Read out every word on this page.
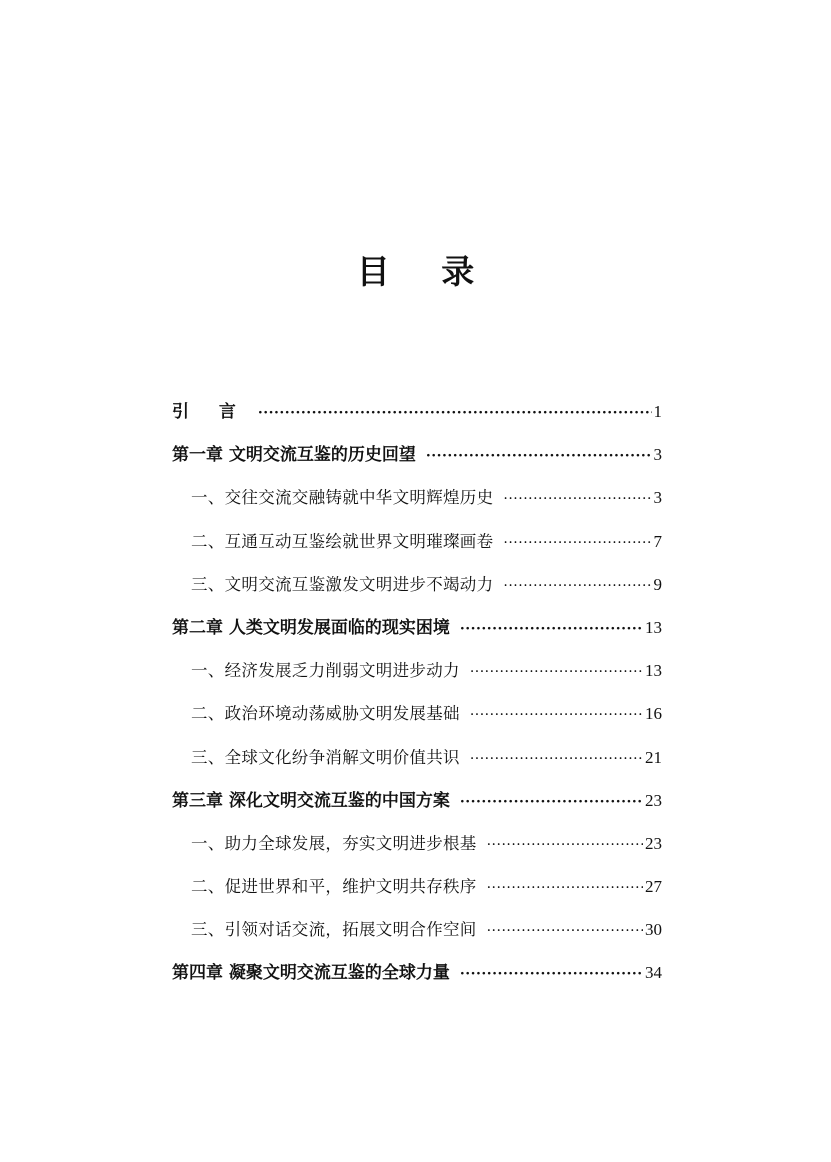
目 录
引 言 ·····	1
第一章 文明交流互鉴的历史回望 ·····	3
一、交往交流交融铸就中华文明辉煌历史 ·····	3
二、互通互动互鉴绘就世界文明璀璨画卷 ·····	7
三、文明交流互鉴激发文明进步不竭动力 ·····	9
第二章 人类文明发展面临的现实困境 ·····	13
一、经济发展乏力削弱文明进步动力 ·····	13
二、政治环境动荡威胁文明发展基础 ·····	16
三、全球文化纷争消解文明价值共识 ·····	21
第三章 深化文明交流互鉴的中国方案 ·····	23
一、助力全球发展，夯实文明进步根基 ·····	23
二、促进世界和平，维护文明共存秩序 ·····	27
三、引领对话交流，拓展文明合作空间 ·····	30
第四章 凝聚文明交流互鉴的全球力量 ·····	34
